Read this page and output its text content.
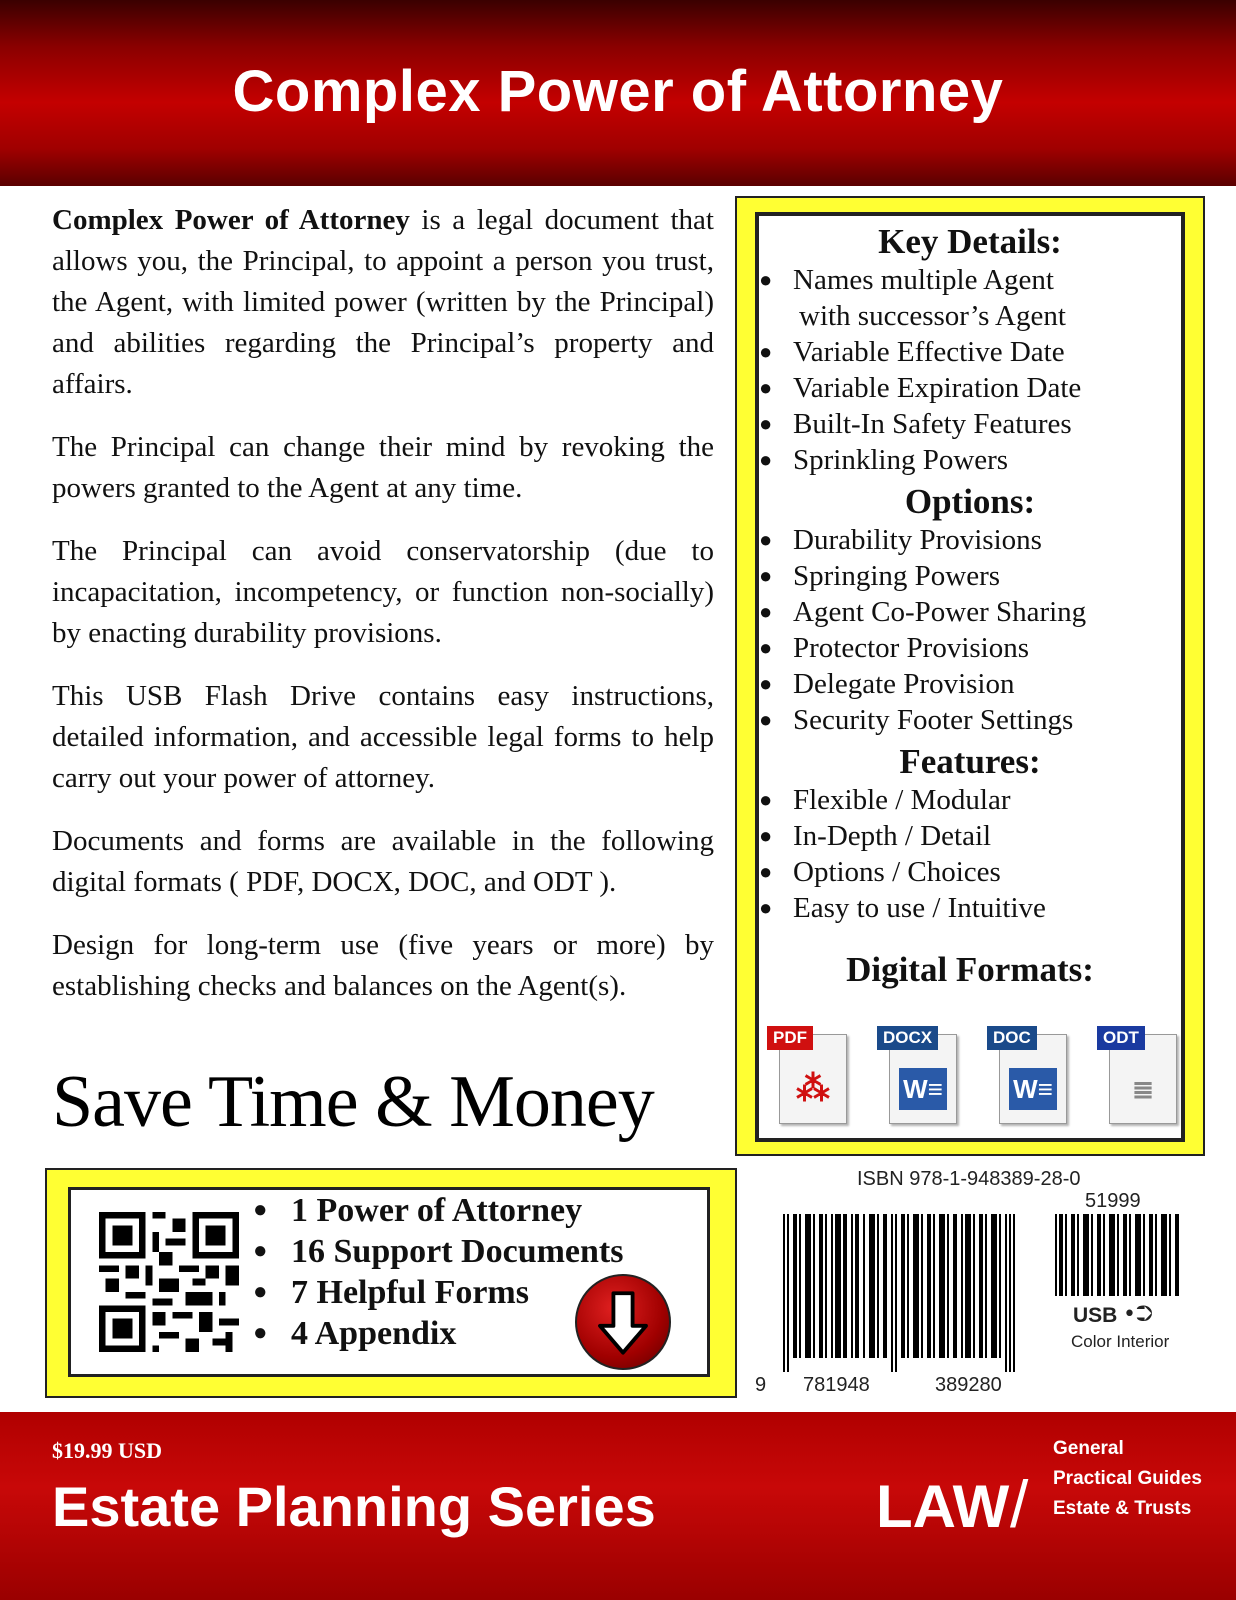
Complex Power of Attorney

Complex Power of Attorney is a legal document that allows you, the Principal, to appoint a person you trust, the Agent, with limited power (written by the Principal) and abilities regarding the Principal’s property and affairs.

The Principal can change their mind by revoking the powers granted to the Agent at any time.

The Principal can avoid conservatorship (due to incapacitation, incompetency, or function non-socially) by enacting durability provisions.

This USB Flash Drive contains easy instructions, detailed information, and accessible legal forms to help carry out your power of attorney.

Documents and forms are available in the following digital formats ( PDF, DOCX, DOC, and ODT ).

Design for long-term use (five years or more) by establishing checks and balances on the Agent(s).

Save Time & Money
Key Details:
● Names multiple Agent
with successor’s Agent
● Variable Effective Date
● Variable Expiration Date
● Built-In Safety Features
● Sprinkling Powers
Options:
● Durability Provisions
● Springing Powers
● Agent Co-Power Sharing
● Protector Provisions
● Delegate Provision
● Security Footer Settings
Features:
● Flexible / Modular
● In-Depth / Detail
● Options / Choices
● Easy to use / Intuitive
Digital Formats:
PDF
⁂
DOCX
W≡
DOC
W≡
ODT
≣
● 1 Power of Attorney
● 16 Support Documents
● 7 Helpful Forms
● 4 Appendix
ISBN 978-1-948389-28-0
51999
9 781948	389280
USB •⮊
Color Interior
$19.99 USD
Estate Planning Series	LAW /
General
Practical Guides
Estate & Trusts
